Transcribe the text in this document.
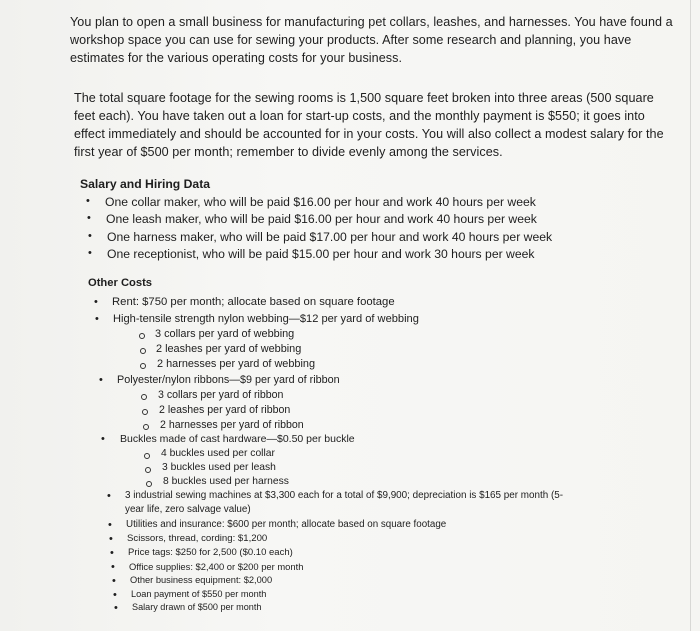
You plan to open a small business for manufacturing pet collars, leashes, and harnesses. You have found a workshop space you can use for sewing your products. After some research and planning, you have estimates for the various operating costs for your business.

The total square footage for the sewing rooms is 1,500 square feet broken into three areas (500 square feet each). You have taken out a loan for start-up costs, and the monthly payment is $550; it goes into effect immediately and should be accounted for in your costs. You will also collect a modest salary for the first year of $500 per month; remember to divide evenly among the services.

Salary and Hiring Data
• One collar maker, who will be paid $16.00 per hour and work 40 hours per week
• One leash maker, who will be paid $16.00 per hour and work 40 hours per week
• One harness maker, who will be paid $17.00 per hour and work 40 hours per week
• One receptionist, who will be paid $15.00 per hour and work 30 hours per week
Other Costs
• Rent: $750 per month; allocate based on square footage
• High-tensile strength nylon webbing—$12 per yard of webbing
3 collars per yard of webbing
2 leashes per yard of webbing
2 harnesses per yard of webbing
• Polyester/nylon ribbons—$9 per yard of ribbon
3 collars per yard of ribbon
2 leashes per yard of ribbon
2 harnesses per yard of ribbon
• Buckles made of cast hardware—$0.50 per buckle
4 buckles used per collar
3 buckles used per leash
8 buckles used per harness
• 3 industrial sewing machines at $3,300 each for a total of $9,900; depreciation is $165 per month (5-
year life, zero salvage value)
• Utilities and insurance: $600 per month; allocate based on square footage
• Scissors, thread, cording: $1,200
• Price tags: $250 for 2,500 ($0.10 each)
• Office supplies: $2,400 or $200 per month
• Other business equipment: $2,000
• Loan payment of $550 per month
• Salary drawn of $500 per month
